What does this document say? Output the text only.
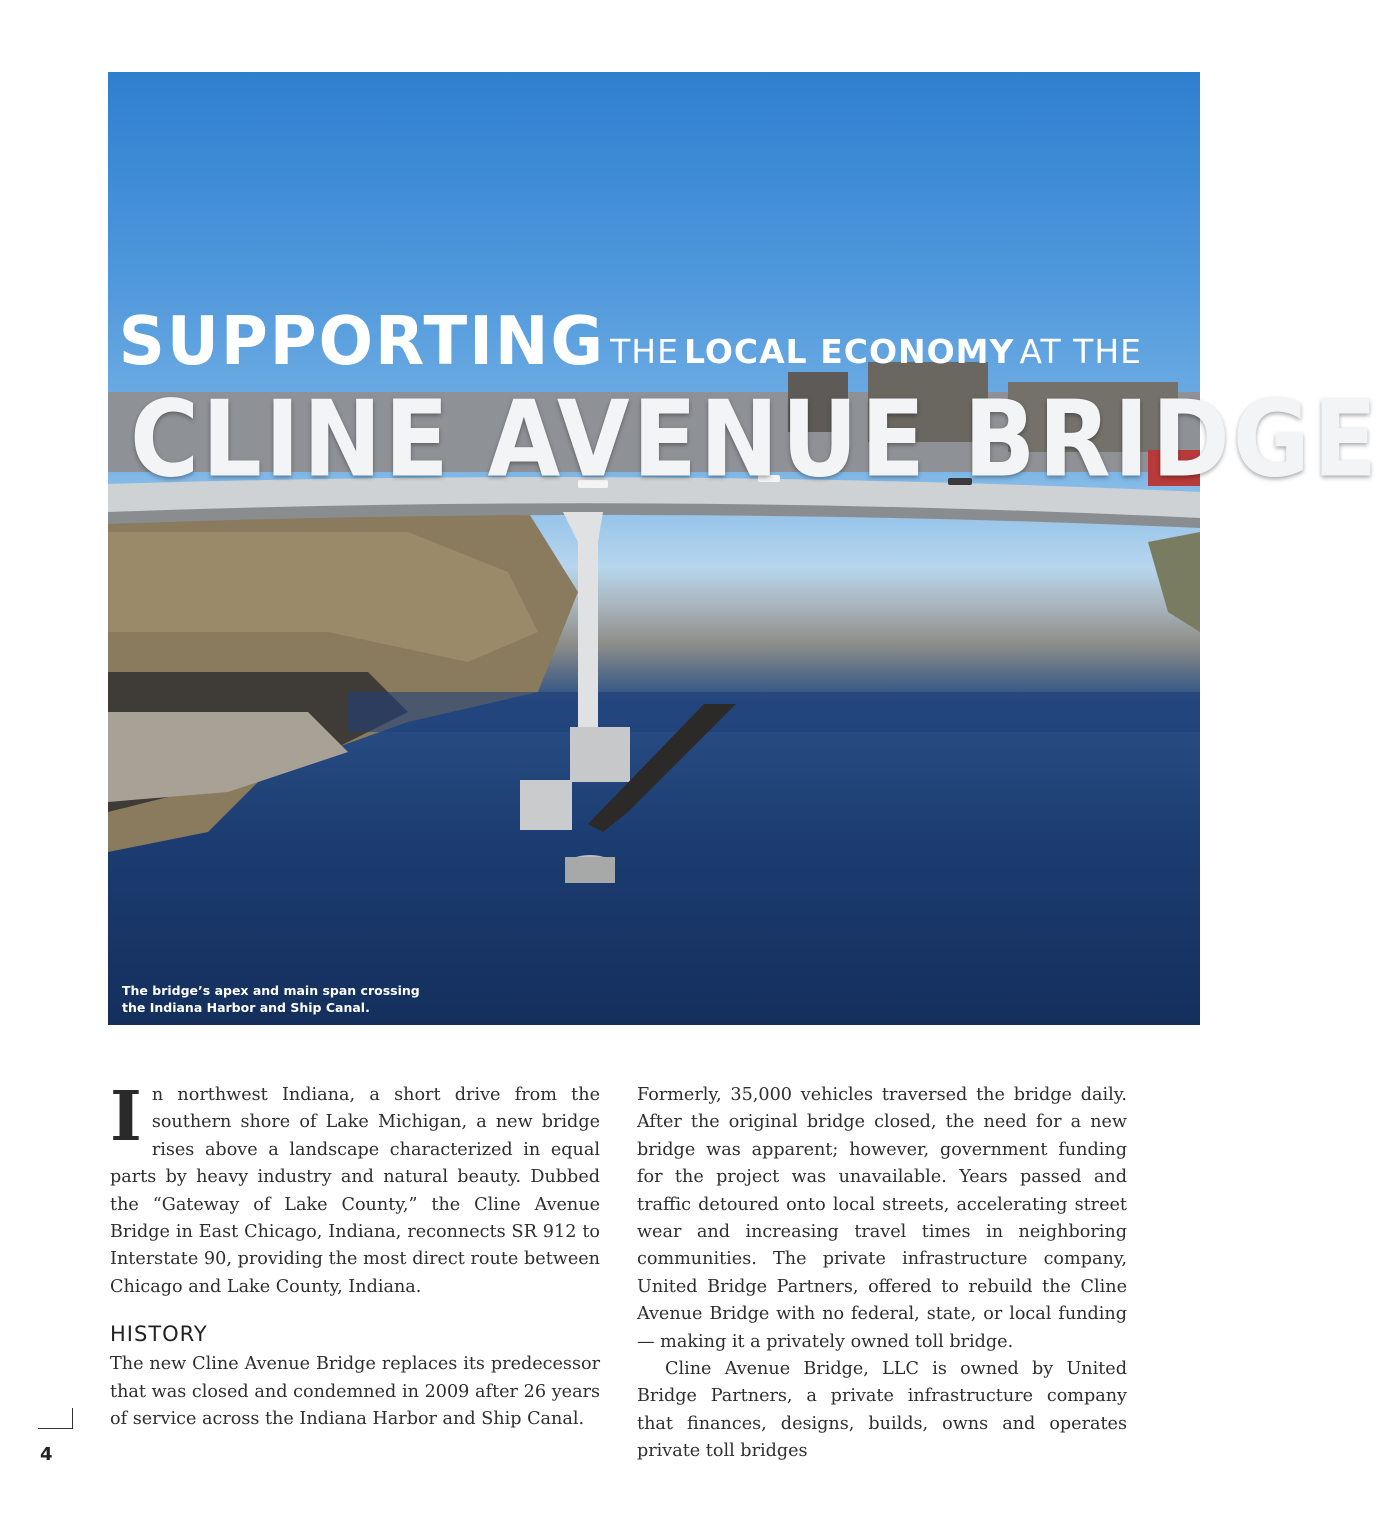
SUPPORTING THE LOCAL ECONOMY AT THE
CLINE AVENUE BRIDGE
The bridge’s apex and main span crossing
the Indiana Harbor and Ship Canal.

In northwest Indiana, a short drive from the southern shore of Lake Michigan, a new bridge rises above a landscape characterized in equal parts by heavy industry and natural beauty. Dubbed the “Gateway of Lake County,” the Cline Avenue Bridge in East Chicago, Indiana, reconnects SR 912 to Interstate 90, providing the most direct route between Chicago and Lake County, Indiana.

HISTORY

The new Cline Avenue Bridge replaces its predecessor that was closed and condemned in 2009 after 26 years of service across the Indiana Harbor and Ship Canal.

Formerly, 35,000 vehicles traversed the bridge daily. After the original bridge closed, the need for a new bridge was apparent; however, government funding for the project was unavailable. Years passed and traffic detoured onto local streets, accelerating street wear and increasing travel times in neighboring communities. The private infrastructure company, United Bridge Partners, offered to rebuild the Cline Avenue Bridge with no federal, state, or local funding — making it a privately owned toll bridge.

Cline Avenue Bridge, LLC is owned by United Bridge Partners, a private infrastructure company that finances, designs, builds, owns and operates private toll bridges

4
